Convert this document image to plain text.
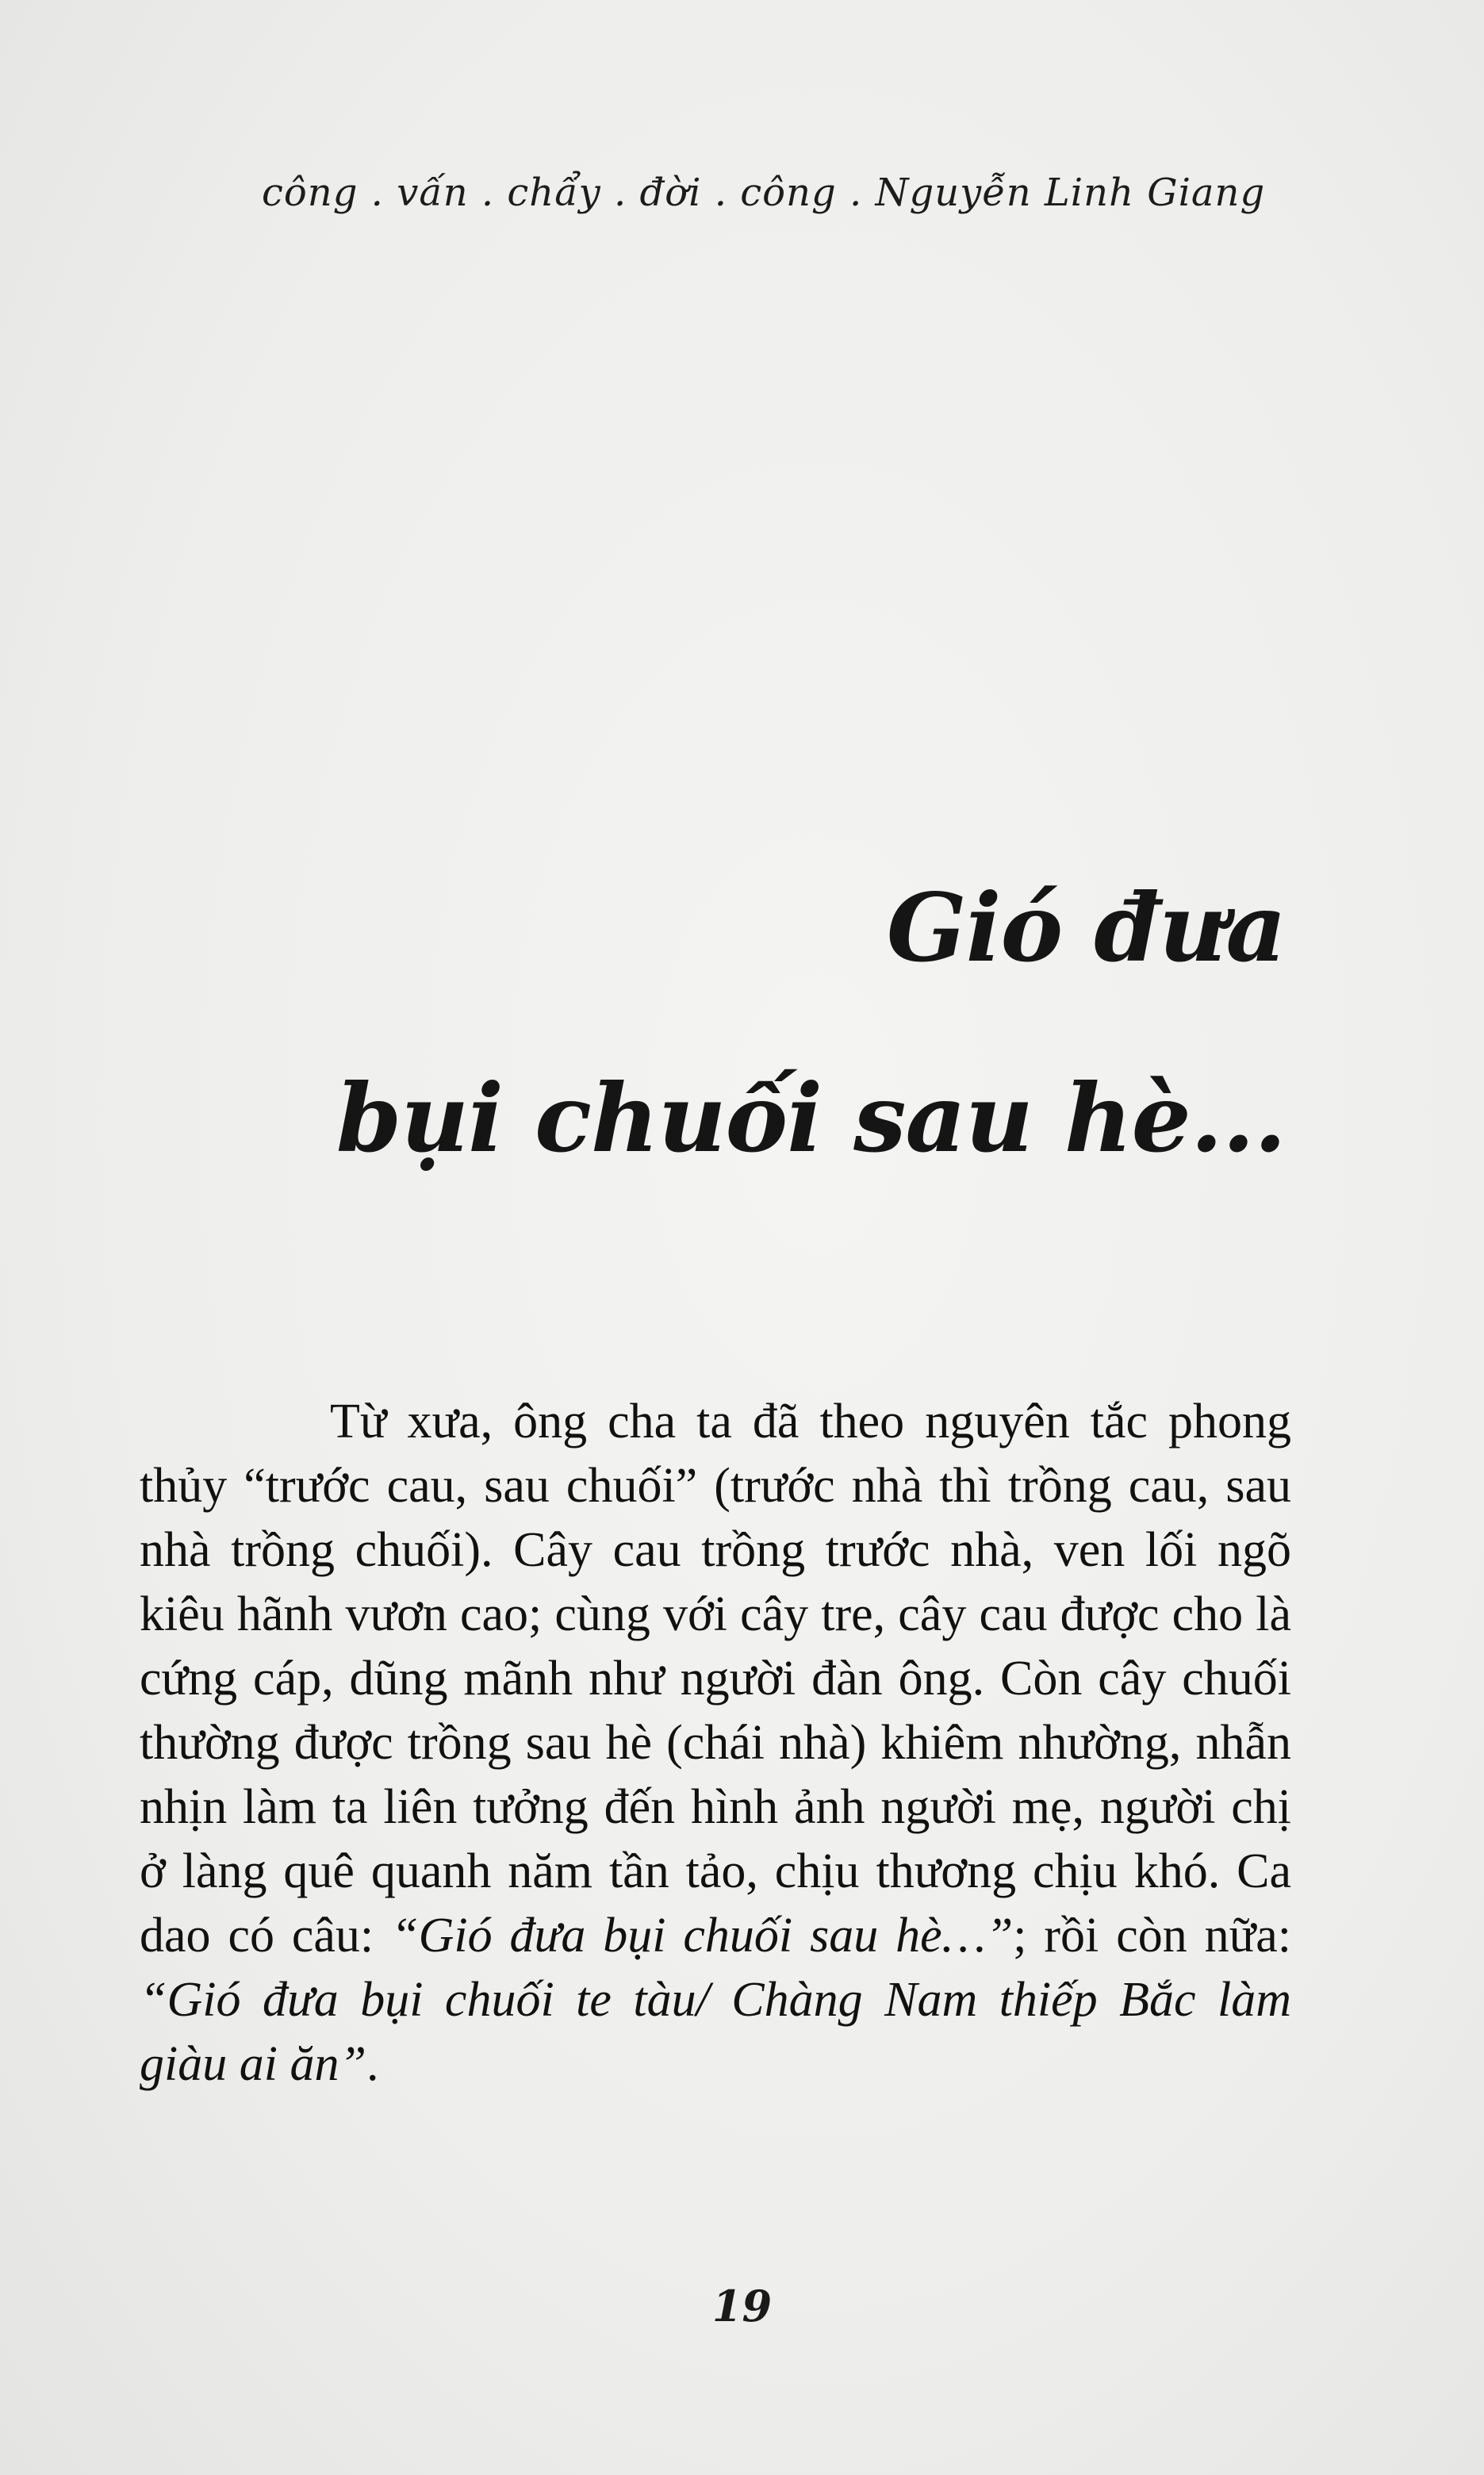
công . vấn . chẩy . đời . công . Nguyễn Linh Giang
Gió đưa
bụi chuối sau hè...

Từ xưa, ông cha ta đã theo nguyên tắc phong thủy “trước cau, sau chuối” (trước nhà thì trồng cau, sau nhà trồng chuối). Cây cau trồng trước nhà, ven lối ngõ kiêu hãnh vươn cao; cùng với cây tre, cây cau được cho là cứng cáp, dũng mãnh như người đàn ông. Còn cây chuối thường được trồng sau hè (chái nhà) khiêm nhường, nhẫn nhịn làm ta liên tưởng đến hình ảnh người mẹ, người chị ở làng quê quanh năm tần tảo, chịu thương chịu khó. Ca dao có câu: “Gió đưa bụi chuối sau hè…”; rồi còn nữa: “Gió đưa bụi chuối te tàu/ Chàng Nam thiếp Bắc làm giàu ai ăn”.

19
